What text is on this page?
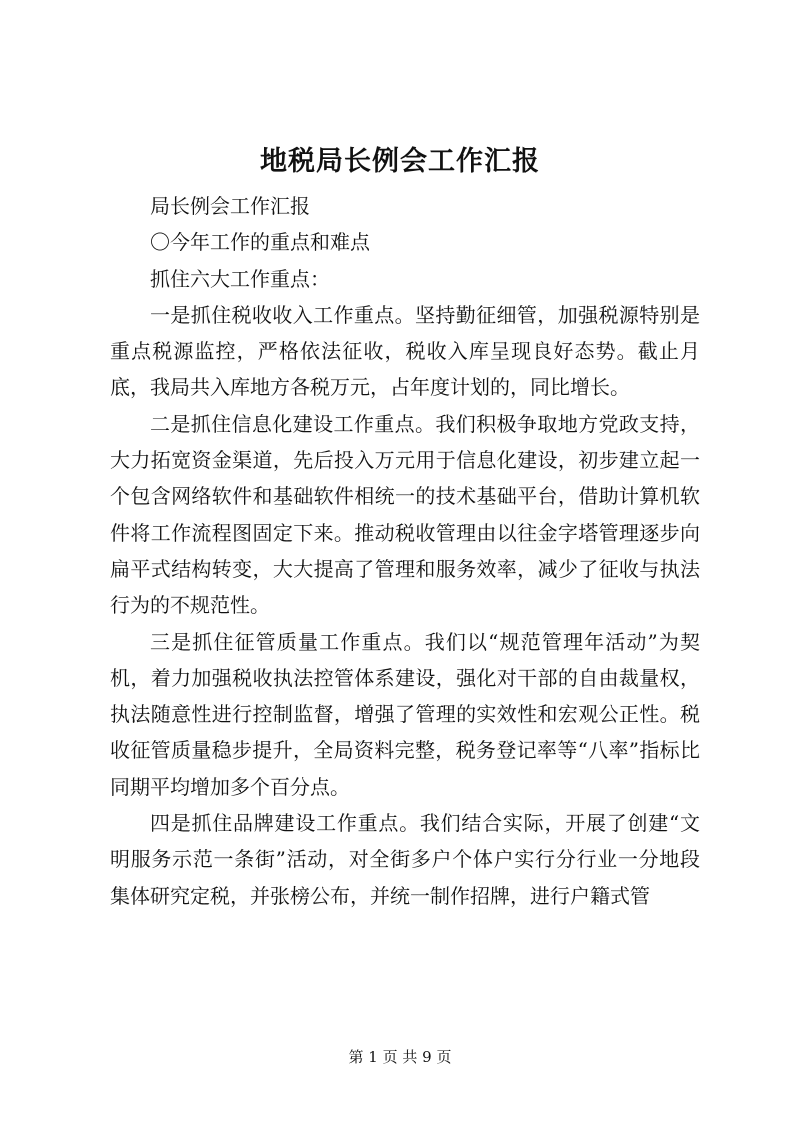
地税局长例会工作汇报

局长例会工作汇报

〇今年工作的重点和难点

抓住六大工作重点：

一是抓住税收收入工作重点。坚持勤征细管，加强税源特别是重点税源监控，严格依法征收，税收入库呈现良好态势。截止月底，我局共入库地方各税万元，占年度计划的，同比增长。

二是抓住信息化建设工作重点。我们积极争取地方党政支持，大力拓宽资金渠道，先后投入万元用于信息化建设，初步建立起一个包含网络软件和基础软件相统一的技术基础平台，借助计算机软件将工作流程图固定下来。推动税收管理由以往金字塔管理逐步向扁平式结构转变，大大提高了管理和服务效率，减少了征收与执法行为的不规范性。

三是抓住征管质量工作重点。我们以“规范管理年活动”为契机，着力加强税收执法控管体系建设，强化对干部的自由裁量权，执法随意性进行控制监督，增强了管理的实效性和宏观公正性。税收征管质量稳步提升，全局资料完整，税务登记率等“八率”指标比同期平均增加多个百分点。

四是抓住品牌建设工作重点。我们结合实际，开展了创建“文明服务示范一条街”活动，对全街多户个体户实行分行业一分地段集体研究定税，并张榜公布，并统一制作招牌，进行户籍式管

第 1 页 共 9 页
